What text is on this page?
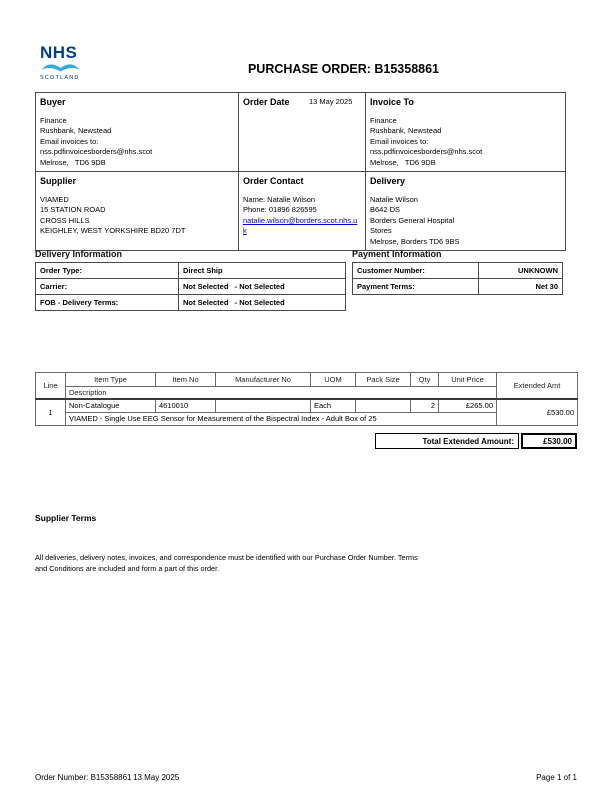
NHS
SCOTLAND
PURCHASE ORDER: B15358861
Buyer
Finance
Rushbank, Newstead
Email invoices to:
nss.pdfinvoicesborders@nhs.scot
Melrose,   TD6 9DB

Order Date	13 May 2025	Invoice To
Finance
Rushbank, Newstead
Email invoices to:
nss.pdfinvoicesborders@nhs.scot
Melrose,   TD6 9DB

Supplier
VIAMED
15 STATION ROAD
CROSS HILLS
KEIGHLEY, WEST YORKSHIRE BD20 7DT

Order Contact
Name: Natalie Wilson
Phone: 01896 826595
natalie.wilson@borders.scot.nhs.uk	
Delivery
Natalie Wilson
B642 DS
Borders General Hospital
Stores
Melrose, Borders TD6 9BS
Delivery Information
Order Type:	Direct Ship
Carrier:	Not Selected   - Not Selected
FOB - Delivery Terms:	Not Selected   - Not Selected
Payment Information
Customer Number:	UNKNOWN
Payment Terms:	Net 30
Line	Item Type	Item No	Manufacturer No	UOM	Pack Size	Qty	Unit Price	Extended Amt
	Description							
1	Non-Catalogue	4610010		Each		2	£265.00	£530.00
	VIAMED - Single Use EEG Sensor for Measurement of the Bispectral Index - Adult Box of 25							
Total Extended Amount:	£530.00
Supplier Terms
All deliveries, delivery notes, invoices, and correspondence must be identified with our Purchase Order Number. Terms and Conditions are included and form a part of this order.
Order Number: B15358861 13 May 2025	Page 1 of 1
